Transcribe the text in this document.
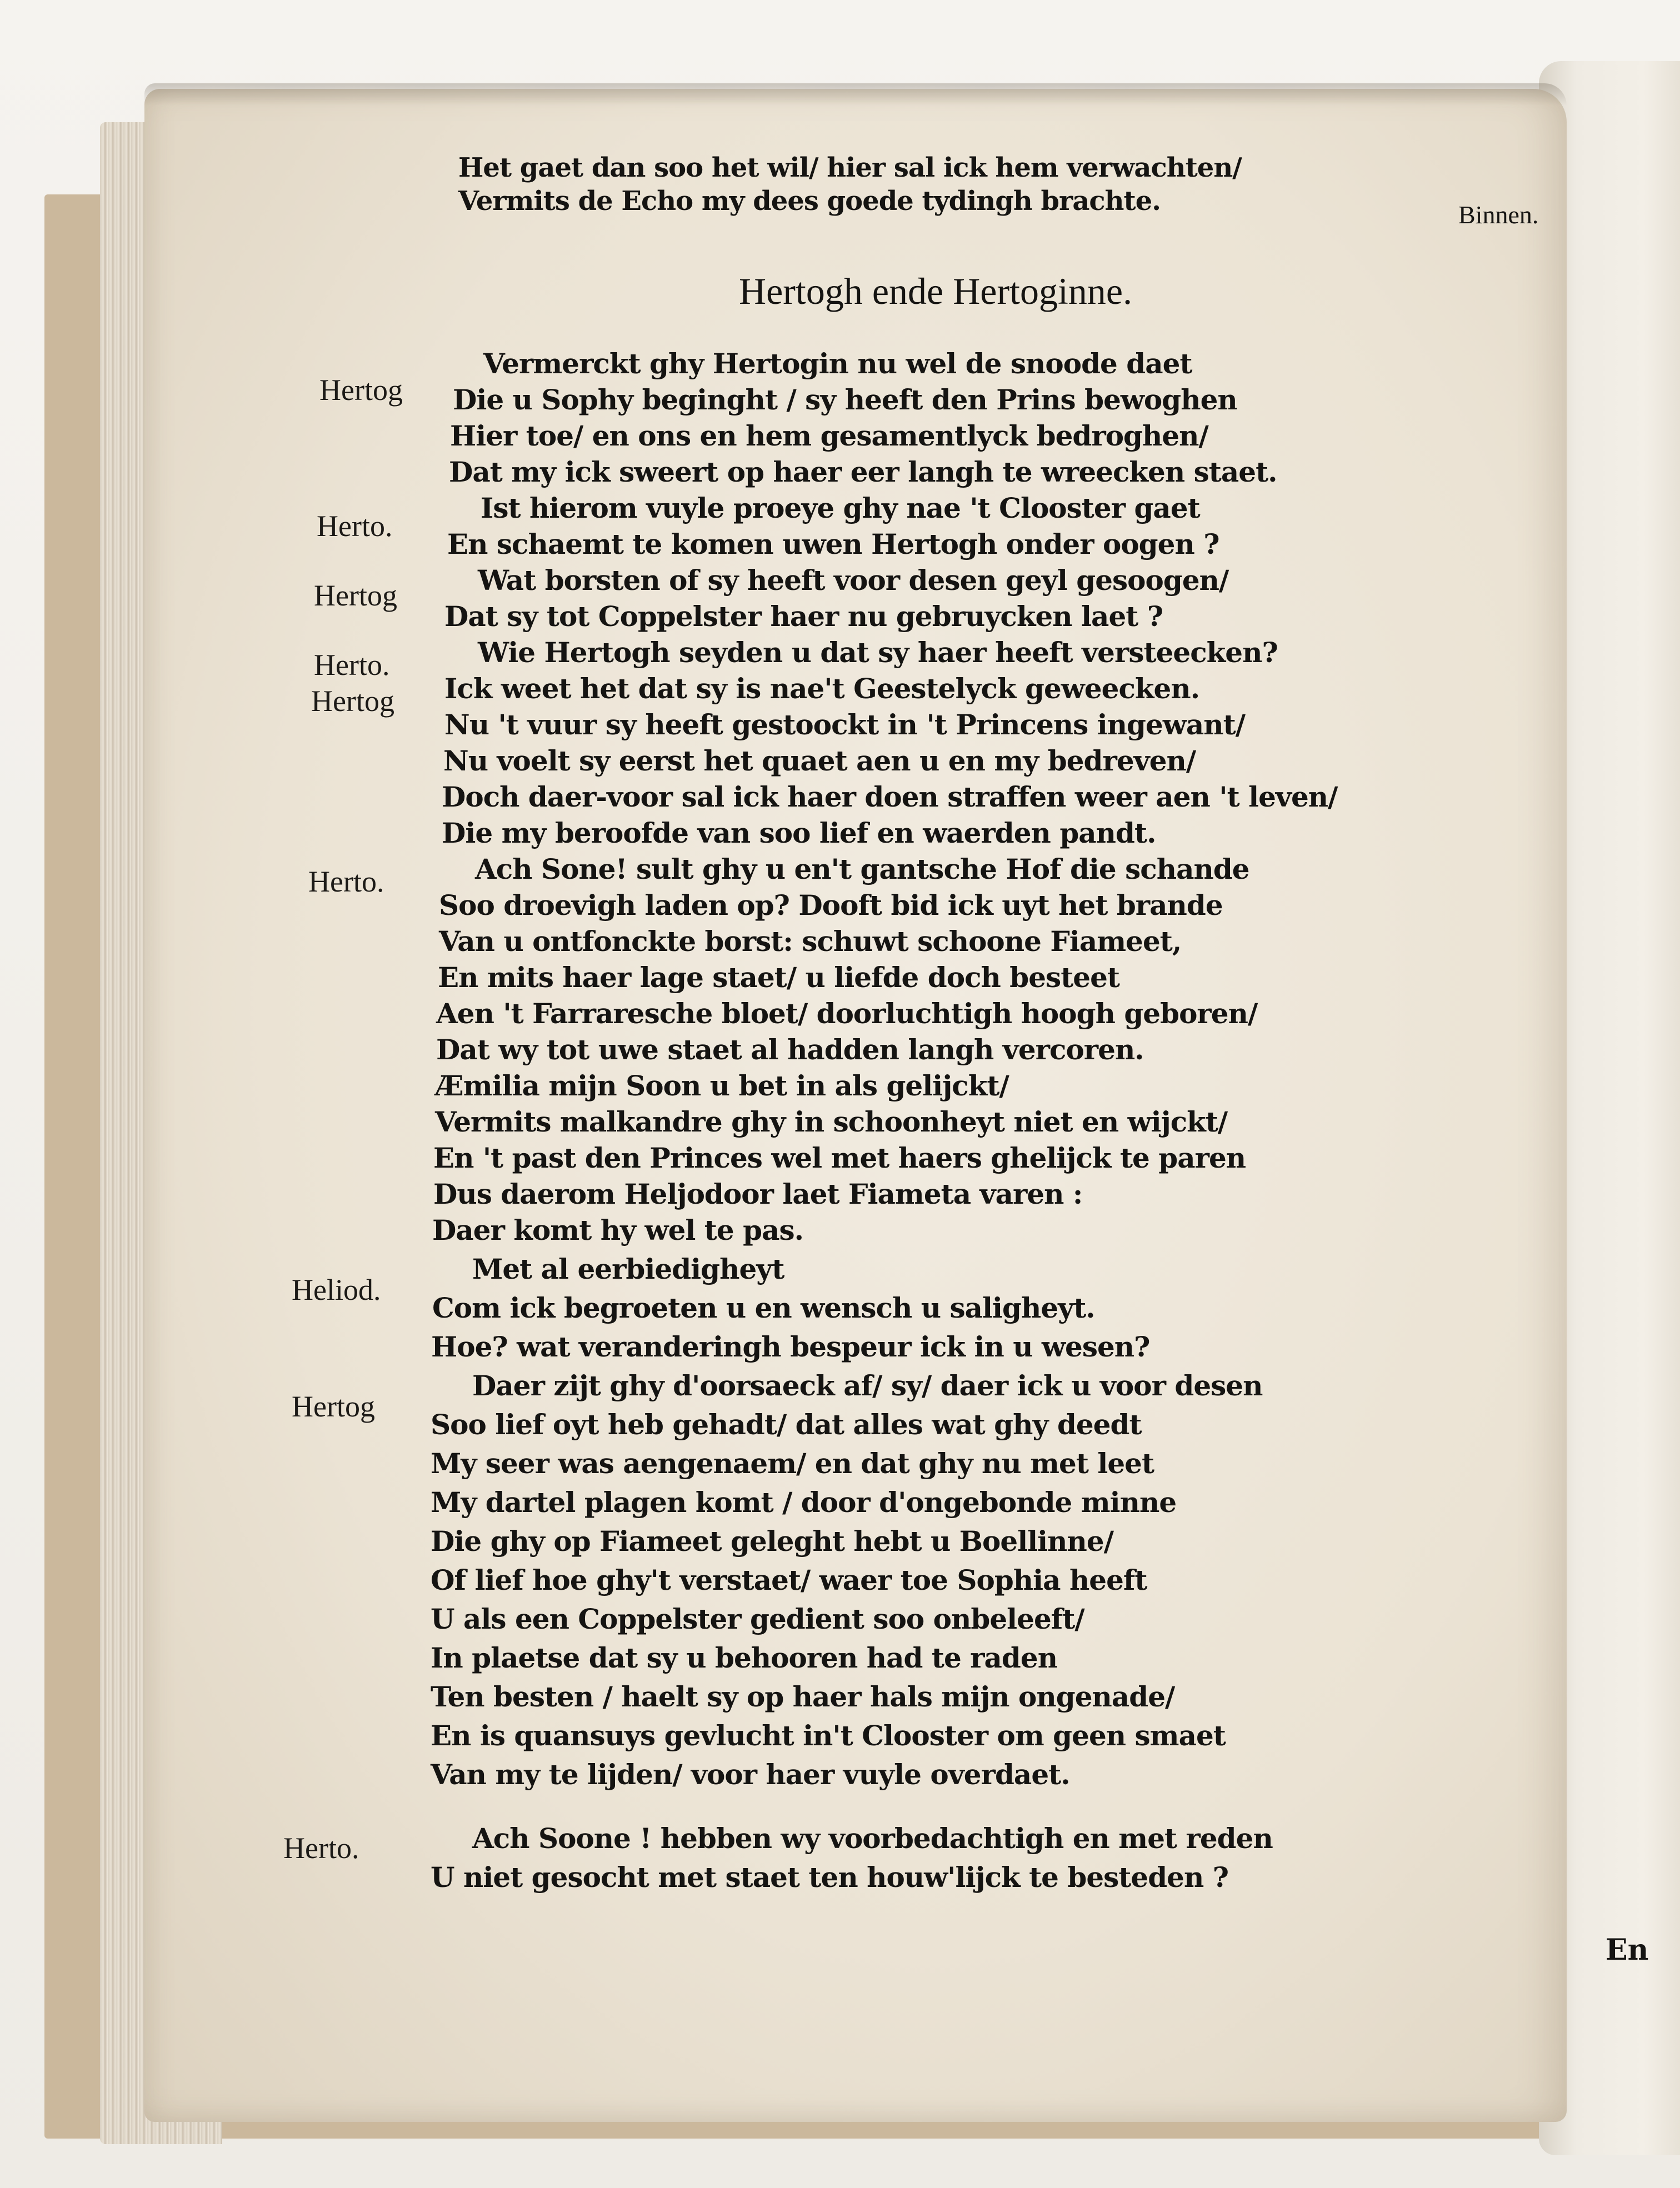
Het gaet dan soo het wil/ hier sal ick hem verwachten/
Vermits de Echo my dees goede tydingh brachte.	Binnen.
Hertogh ende Hertoginne.
Hertog
Herto.
Hertog
Herto.
Hertog
Herto.
Heliod.
Hertog
Herto.
Vermerckt ghy Hertogin nu wel de snoode daet
Die u Sophy beginght / sy heeft den Prins bewoghen
Hier toe/ en ons en hem gesamentlyck bedroghen/
Dat my ick sweert op haer eer langh te wreecken staet.
Ist hierom vuyle proeye ghy nae 't Clooster gaet
En schaemt te komen uwen Hertogh onder oogen ?
Wat borsten of sy heeft voor desen geyl gesoogen/
Dat sy tot Coppelster haer nu gebruycken laet ?
Wie Hertogh seyden u dat sy haer heeft versteecken?
Ick weet het dat sy is nae't Geestelyck geweecken.
Nu 't vuur sy heeft gestoockt in 't Princens ingewant/
Nu voelt sy eerst het quaet aen u en my bedreven/
Doch daer-voor sal ick haer doen straffen weer aen 't leven/
Die my beroofde van soo lief en waerden pandt.
Ach Sone! sult ghy u en't gantsche Hof die schande
Soo droevigh laden op? Dooft bid ick uyt het brande
Van u ontfonckte borst: schuwt schoone Fiameet,
En mits haer lage staet/ u liefde doch besteet
Aen 't Farraresche bloet/ doorluchtigh hoogh geboren/
Dat wy tot uwe staet al hadden langh vercoren.
Æmilia mijn Soon u bet in als gelijckt/
Vermits malkandre ghy in schoonheyt niet en wijckt/
En 't past den Princes wel met haers ghelijck te paren
Dus daerom Heljodoor laet Fiameta varen :
Daer komt hy wel te pas.
Met al eerbiedigheyt
Com ick begroeten u en wensch u saligheyt.
Hoe? wat veranderingh bespeur ick in u wesen?
Daer zijt ghy d'oorsaeck af/ sy/ daer ick u voor desen
Soo lief oyt heb gehadt/ dat alles wat ghy deedt
My seer was aengenaem/ en dat ghy nu met leet
My dartel plagen komt / door d'ongebonde minne
Die ghy op Fiameet geleght hebt u Boellinne/
Of lief hoe ghy't verstaet/ waer toe Sophia heeft
U als een Coppelster gedient soo onbeleeft/
In plaetse dat sy u behooren had te raden
Ten besten / haelt sy op haer hals mijn ongenade/
En is quansuys gevlucht in't Clooster om geen smaet
Van my te lijden/ voor haer vuyle overdaet.
Ach Soone ! hebben wy voorbedachtigh en met reden
U niet gesocht met staet ten houw'lijck te besteden ?
En
